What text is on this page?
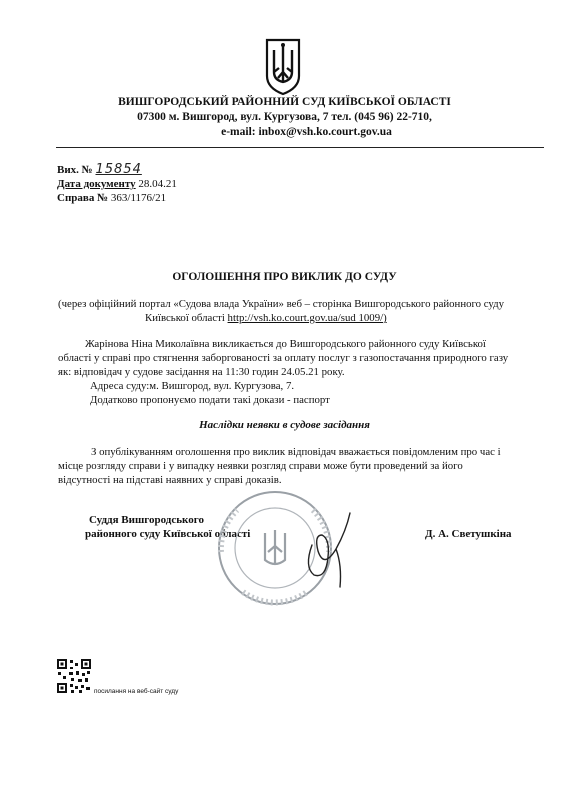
ВИШГОРОДСЬКИЙ РАЙОННИЙ СУД КИЇВСЬКОЇ ОБЛАСТІ
07300 м. Вишгород, вул. Кургузова, 7 тел. (045 96) 22-710,
e-mail: inbox@vsh.ko.court.gov.ua
Вих. № 15854
Дата документу 28.04.21
Справа № 363/1176/21
ОГОЛОШЕННЯ ПРО ВИКЛИК ДО СУДУ
(через офіційний портал «Судова влада України» веб – сторінка Вишгородського районного суду
Київської області http://vsh.ko.court.gov.ua/sud 1009/)
Жарінова Ніна Миколаївна викликається до Вишгородського районного суду Київської
області у справі про стягнення заборгованості за оплату послуг з газопостачання природного газу
як: відповідач у судове засідання на 11:30 годин 24.05.21 року.
Адреса суду:м. Вишгород, вул. Кургузова, 7.
Додатково пропонуємо подати такі докази - паспорт
Наслідки неявки в судове засідання
З опублікуванням оголошення про виклик відповідач вважається повідомленим про час і
місце розгляду справи і у випадку неявки розгляд справи може бути проведений за його
відсутності на підставі наявних у справі доказів.
Суддя Вишгородського
районного суду Київської області	Д. А. Светушкіна
посилання на веб-сайт суду
